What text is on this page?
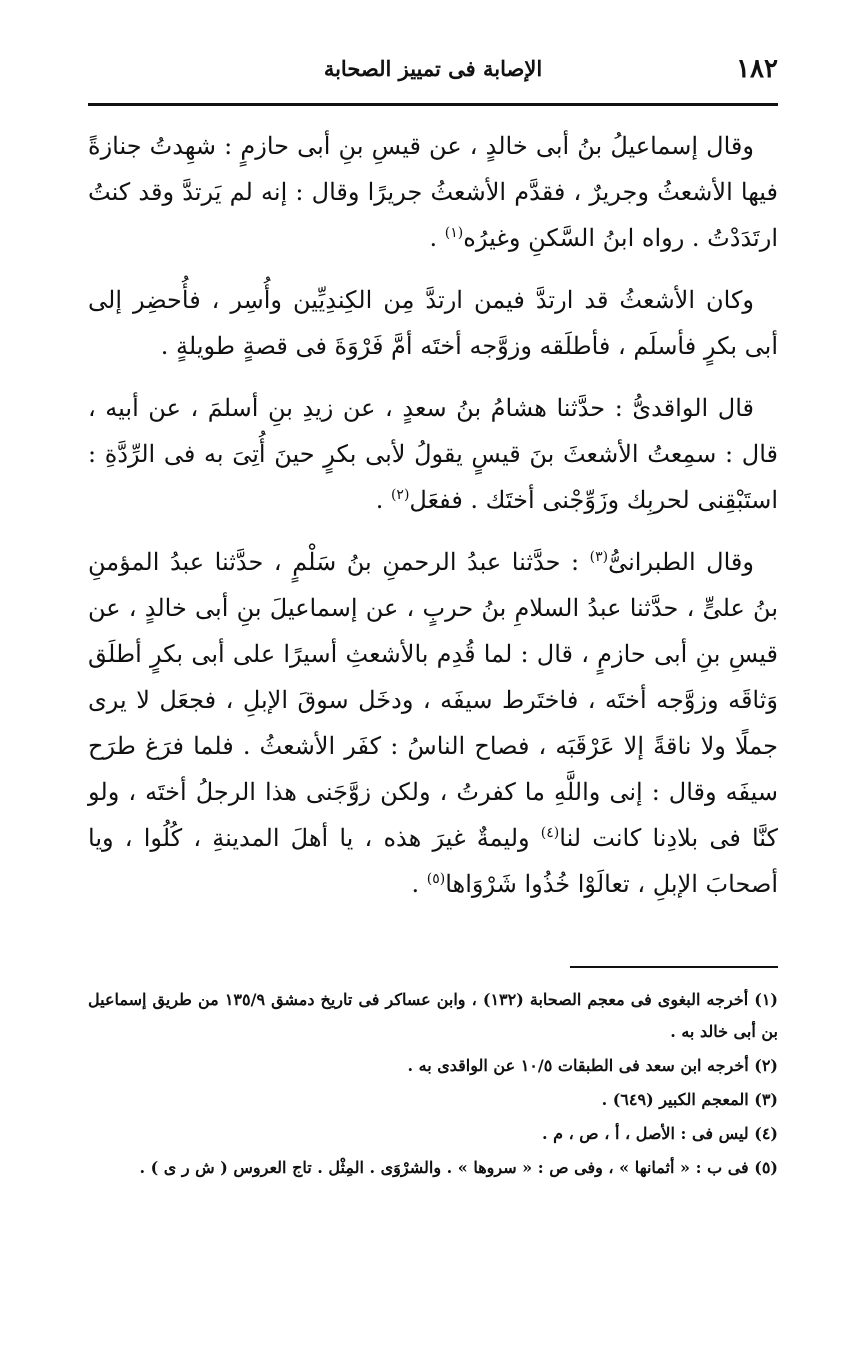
١٨٢
الإصابة فى تمييز الصحابة

وقال إسماعيلُ بنُ أبى خالدٍ ، عن قيسِ بنِ أبى حازمٍ : شهِدتُ جنازةً فيها الأشعثُ وجريرٌ ، فقدَّم الأشعثُ جريرًا وقال : إنه لم يَرتدَّ وقد كنتُ ارتَدَدْتُ . رواه ابنُ السَّكنِ وغيرُه$^{(١)}$ .

وكان الأشعثُ قد ارتدَّ فيمن ارتدَّ مِن الكِندِيِّين وأُسِر ، فأُحضِر إلى أبى بكرٍ فأسلَم ، فأطلَقه وزوَّجه أختَه أمَّ فَرْوَةَ فى قصةٍ طويلةٍ .

قال الواقدىُّ : حدَّثنا هشامُ بنُ سعدٍ ، عن زيدِ بنِ أسلمَ ، عن أبيه ، قال : سمِعتُ الأشعثَ بنَ قيسٍ يقولُ لأبى بكرٍ حينَ أُتِىَ به فى الرِّدَّةِ : استَبْقِنى لحربِك وزَوِّجْنى أختَك . ففعَل$^{(٢)}$ .

وقال الطبرانىُّ$^{(٣)}$ : حدَّثنا عبدُ الرحمنِ بنُ سَلْمٍ ، حدَّثنا عبدُ المؤمنِ بنُ علىٍّ ، حدَّثنا عبدُ السلامِ بنُ حربٍ ، عن إسماعيلَ بنِ أبى خالدٍ ، عن قيسِ بنِ أبى حازمٍ ، قال : لما قُدِم بالأشعثِ أسيرًا على أبى بكرٍ أطلَق وَثاقَه وزوَّجه أختَه ، فاختَرط سيفَه ، ودخَل سوقَ الإبلِ ، فجعَل لا يرى جملًا ولا ناقةً إلا عَرْقَبَه ، فصاح الناسُ : كفَر الأشعثُ . فلما فرَغ طرَح سيفَه وقال : إنى واللَّهِ ما كفرتُ ، ولكن زوَّجَنى هذا الرجلُ أختَه ، ولو كنَّا فى بلادِنا كانت لنا$^{(٤)}$ وليمةٌ غيرَ هذه ، يا أهلَ المدينةِ ، كُلُوا ، ويا أصحابَ الإبلِ ، تعالَوْا خُذُوا شَرْوَاها$^{(٥)}$ .

(١) أخرجه البغوى فى معجم الصحابة (١٣٢) ، وابن عساكر فى تاريخ دمشق ١٣٥/٩ من طريق إسماعيل بن أبى خالد به .

(٢) أخرجه ابن سعد فى الطبقات ١٠/٥ عن الواقدى به .

(٣) المعجم الكبير (٦٤٩) .

(٤) ليس فى : الأصل ، أ ، ص ، م .

(٥) فى ب : « أثمانها » ، وفى ص : « سروها » . والشرْوَى . المِثْل . تاج العروس ( ش ر ى ) .
